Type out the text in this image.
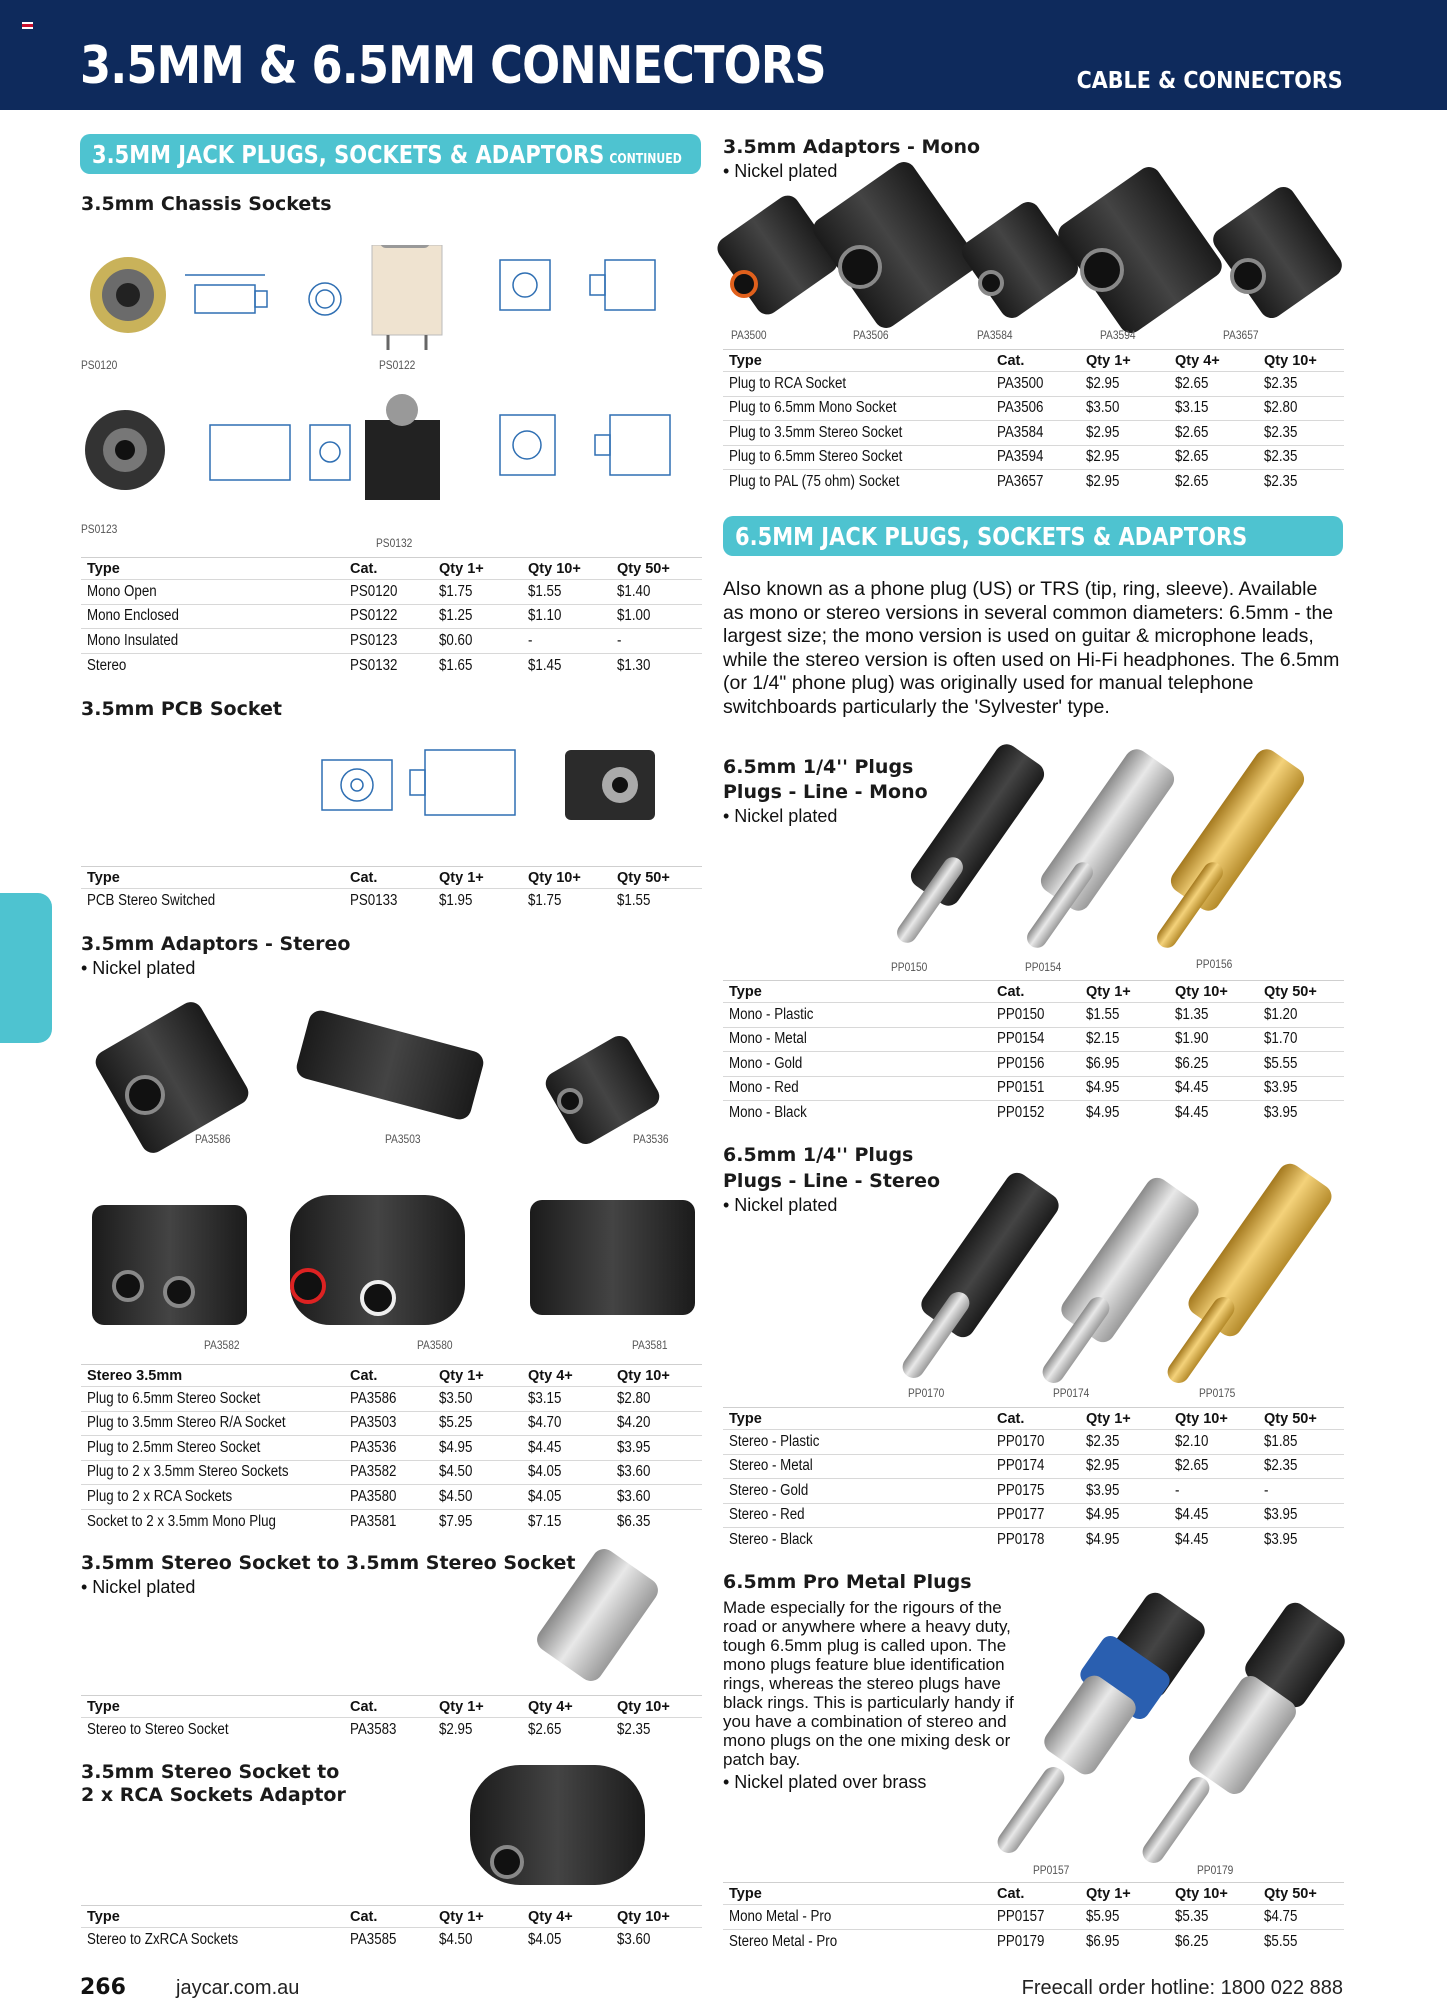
3.5MM & 6.5MM CONNECTORS	CABLE & CONNECTORS
3.5MM JACK PLUGS, SOCKETS & ADAPTORS CONTINUED
3.5mm Chassis Sockets
PS0120	PS0122
PS0123
PS0132
Type	Cat.	Qty 1+	Qty 10+	Qty 50+
Mono Open	PS0120	$1.75	$1.55	$1.40
Mono Enclosed	PS0122	$1.25	$1.10	$1.00
Mono Insulated	PS0123	$0.60	-	-
Stereo	PS0132	$1.65	$1.45	$1.30
3.5mm PCB Socket
Type	Cat.	Qty 1+	Qty 10+	Qty 50+
PCB Stereo Switched	PS0133	$1.95	$1.75	$1.55
3.5mm Adaptors - Stereo
• Nickel plated
PA3586	PA3503	PA3536
PA3582	PA3580	PA3581
Stereo 3.5mm	Cat.	Qty 1+	Qty 4+	Qty 10+
Plug to 6.5mm Stereo Socket	PA3586	$3.50	$3.15	$2.80
Plug to 3.5mm Stereo R/A Socket	PA3503	$5.25	$4.70	$4.20
Plug to 2.5mm Stereo Socket	PA3536	$4.95	$4.45	$3.95
Plug to 2 x 3.5mm Stereo Sockets	PA3582	$4.50	$4.05	$3.60
Plug to 2 x RCA Sockets	PA3580	$4.50	$4.05	$3.60
Socket to 2 x 3.5mm Mono Plug	PA3581	$7.95	$7.15	$6.35
3.5mm Stereo Socket to 3.5mm Stereo Socket
• Nickel plated
Type	Cat.	Qty 1+	Qty 4+	Qty 10+
Stereo to Stereo Socket	PA3583	$2.95	$2.65	$2.35
3.5mm Stereo Socket to
2 x RCA Sockets Adaptor
Type	Cat.	Qty 1+	Qty 4+	Qty 10+
Stereo to ZxRCA Sockets	PA3585	$4.50	$4.05	$3.60
3.5mm Adaptors - Mono
• Nickel plated
PA3500	PA3506	PA3584	PA3594	PA3657
Type	Cat.	Qty 1+	Qty 4+	Qty 10+
Plug to RCA Socket	PA3500	$2.95	$2.65	$2.35
Plug to 6.5mm Mono Socket	PA3506	$3.50	$3.15	$2.80
Plug to 3.5mm Stereo Socket	PA3584	$2.95	$2.65	$2.35
Plug to 6.5mm Stereo Socket	PA3594	$2.95	$2.65	$2.35
Plug to PAL (75 ohm) Socket	PA3657	$2.95	$2.65	$2.35
6.5MM JACK PLUGS, SOCKETS & ADAPTORS
Also known as a phone plug (US) or TRS (tip, ring, sleeve). Available as mono or stereo versions in several common diameters: 6.5mm - the largest size; the mono version is used on guitar & microphone leads, while the stereo version is often used on Hi-Fi headphones. The 6.5mm (or 1/4" phone plug) was originally used for manual telephone switchboards particularly the 'Sylvester' type.
6.5mm 1/4'' Plugs
Plugs - Line - Mono
• Nickel plated
PP0150	PP0154	PP0156
Type	Cat.	Qty 1+	Qty 10+	Qty 50+
Mono - Plastic	PP0150	$1.55	$1.35	$1.20
Mono - Metal	PP0154	$2.15	$1.90	$1.70
Mono - Gold	PP0156	$6.95	$6.25	$5.55
Mono - Red	PP0151	$4.95	$4.45	$3.95
Mono - Black	PP0152	$4.95	$4.45	$3.95
6.5mm 1/4'' Plugs
Plugs - Line - Stereo
• Nickel plated
PP0170	PP0174	PP0175
Type	Cat.	Qty 1+	Qty 10+	Qty 50+
Stereo - Plastic	PP0170	$2.35	$2.10	$1.85
Stereo - Metal	PP0174	$2.95	$2.65	$2.35
Stereo - Gold	PP0175	$3.95	-	-
Stereo - Red	PP0177	$4.95	$4.45	$3.95
Stereo - Black	PP0178	$4.95	$4.45	$3.95
6.5mm Pro Metal Plugs
Made especially for the rigours of the road or anywhere where a heavy duty, tough 6.5mm plug is called upon. The mono plugs feature blue identification rings, whereas the stereo plugs have black rings. This is particularly handy if you have a combination of stereo and mono plugs on the one mixing desk or patch bay.
• Nickel plated over brass
PP0157	PP0179
Type	Cat.	Qty 1+	Qty 10+	Qty 50+
Mono Metal - Pro	PP0157	$5.95	$5.35	$4.75
Stereo Metal - Pro	PP0179	$6.95	$6.25	$5.55
266	jaycar.com.au	Freecall order hotline: 1800 022 888
